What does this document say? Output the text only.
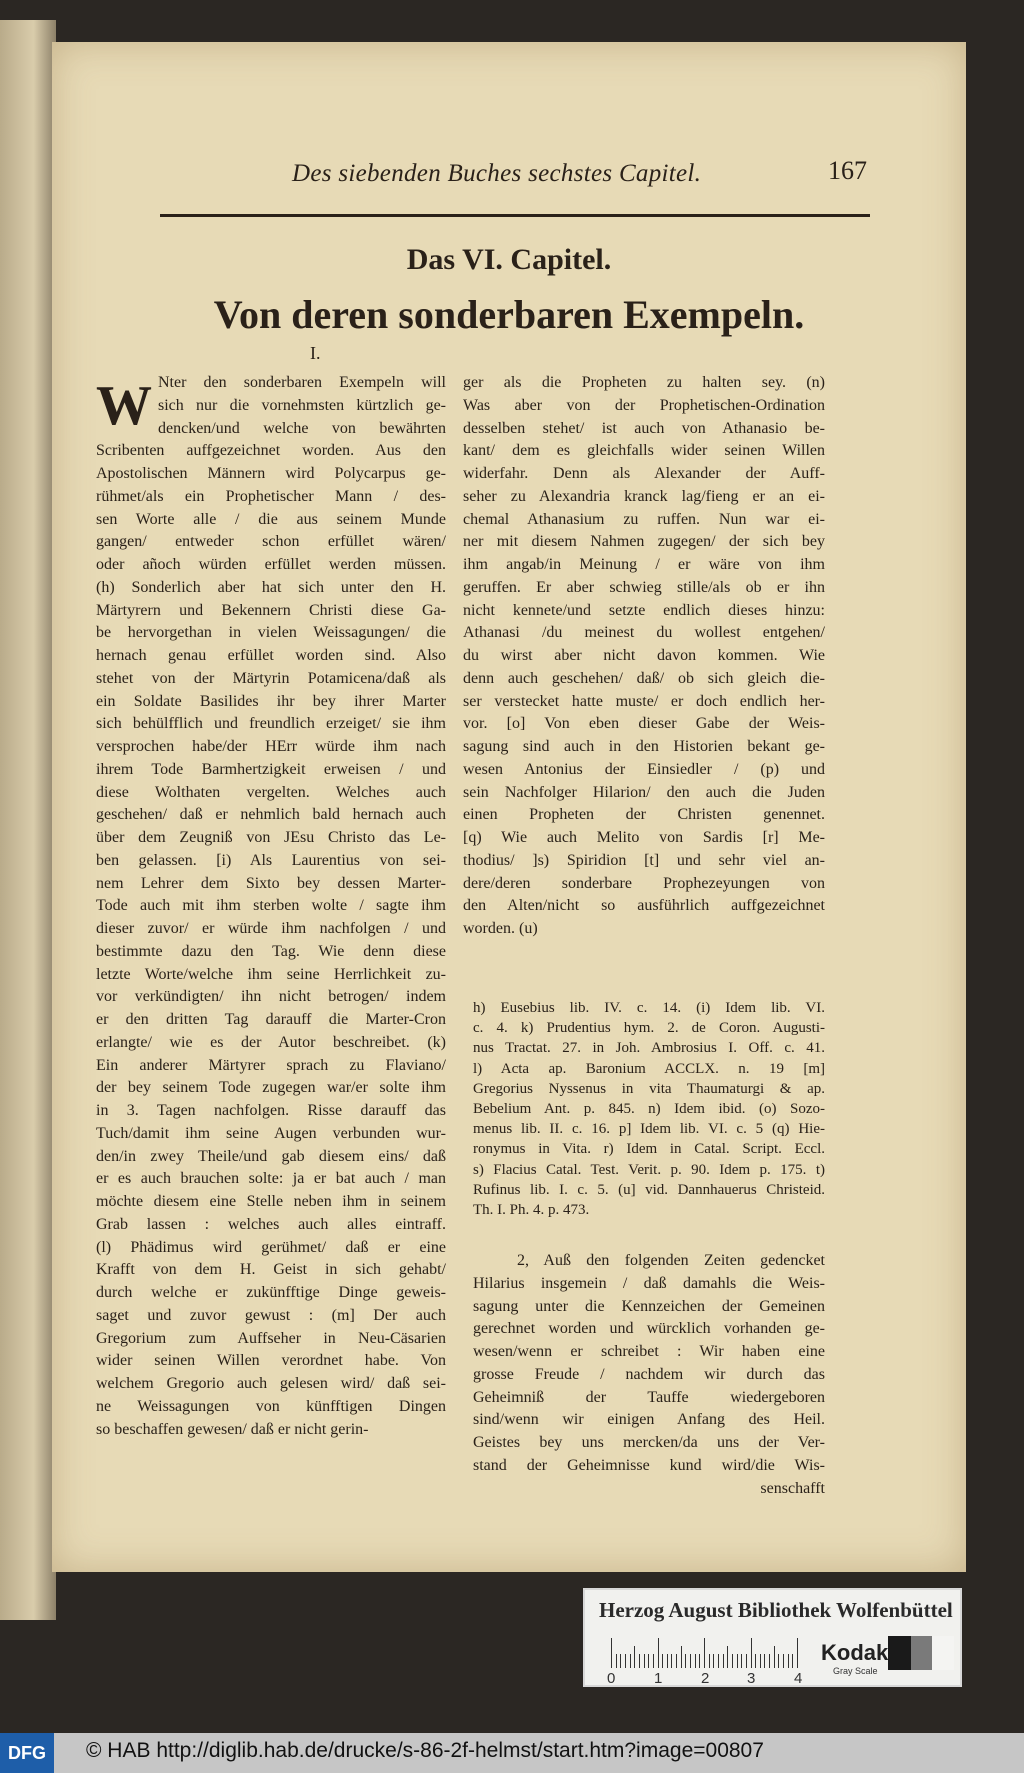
Des siebenden Buches sechstes Capitel.	167
Das VI. Capitel.
Von deren sonderbaren Exempeln.
I.
W Nter den sonderbaren Exempeln will
sich nur die vornehmsten kürtzlich ge-
dencken/und welche von bewährten
Scribenten auffgezeichnet worden. Aus den
Apostolischen Männern wird Polycarpus ge-
rühmet/als ein Prophetischer Mann / des-
sen Worte alle / die aus seinem Munde
gangen/ entweder schon erfüllet wären/
oder añoch würden erfüllet werden müssen.
(h) Sonderlich aber hat sich unter den H.
Märtyrern und Bekennern Christi diese Ga-
be hervorgethan in vielen Weissagungen/ die
hernach genau erfüllet worden sind. Also
stehet von der Märtyrin Potamicena/daß als
ein Soldate Basilides ihr bey ihrer Marter
sich behülfflich und freundlich erzeiget/ sie ihm
versprochen habe/der HErr würde ihm nach
ihrem Tode Barmhertzigkeit erweisen / und
diese Wolthaten vergelten. Welches auch
geschehen/ daß er nehmlich bald hernach auch
über dem Zeugniß von JEsu Christo das Le-
ben gelassen. [i) Als Laurentius von sei-
nem Lehrer dem Sixto bey dessen Marter-
Tode auch mit ihm sterben wolte / sagte ihm
dieser zuvor/ er würde ihm nachfolgen / und
bestimmte dazu den Tag. Wie denn diese
letzte Worte/welche ihm seine Herrlichkeit zu-
vor verkündigten/ ihn nicht betrogen/ indem
er den dritten Tag darauff die Marter-Cron
erlangte/ wie es der Autor beschreibet. (k)
Ein anderer Märtyrer sprach zu Flaviano/
der bey seinem Tode zugegen war/er solte ihm
in 3. Tagen nachfolgen. Risse darauff das
Tuch/damit ihm seine Augen verbunden wur-
den/in zwey Theile/und gab diesem eins/ daß
er es auch brauchen solte: ja er bat auch / man
möchte diesem eine Stelle neben ihm in seinem
Grab lassen : welches auch alles eintraff.
(l) Phädimus wird gerühmet/ daß er eine
Krafft von dem H. Geist in sich gehabt/
durch welche er zukünfftige Dinge geweis-
saget und zuvor gewust : (m] Der auch
Gregorium zum Auffseher in Neu-Cäsarien
wider seinen Willen verordnet habe. Von
welchem Gregorio auch gelesen wird/ daß sei-
ne Weissagungen von künfftigen Dingen
so beschaffen gewesen/ daß er nicht gerin-
ger als die Propheten zu halten sey. (n)
Was aber von der Prophetischen-Ordination
desselben stehet/ ist auch von Athanasio be-
kant/ dem es gleichfalls wider seinen Willen
widerfahr. Denn als Alexander der Auff-
seher zu Alexandria kranck lag/fieng er an ei-
chemal Athanasium zu ruffen. Nun war ei-
ner mit diesem Nahmen zugegen/ der sich bey
ihm angab/in Meinung / er wäre von ihm
geruffen. Er aber schwieg stille/als ob er ihn
nicht kennete/und setzte endlich dieses hinzu:
Athanasi /du meinest du wollest entgehen/
du wirst aber nicht davon kommen. Wie
denn auch geschehen/ daß/ ob sich gleich die-
ser verstecket hatte muste/ er doch endlich her-
vor. [o] Von eben dieser Gabe der Weis-
sagung sind auch in den Historien bekant ge-
wesen Antonius der Einsiedler / (p) und
sein Nachfolger Hilarion/ den auch die Juden
einen Propheten der Christen genennet.
[q) Wie auch Melito von Sardis [r] Me-
thodius/ ]s) Spiridion [t] und sehr viel an-
dere/deren sonderbare Prophezeyungen von
den Alten/nicht so ausführlich auffgezeichnet
worden. (u)
h) Eusebius lib. IV. c. 14. (i) Idem lib. VI.
c. 4. k) Prudentius hym. 2. de Coron. Augusti-
nus Tractat. 27. in Joh. Ambrosius I. Off. c. 41.
l) Acta ap. Baronium ACCLX. n. 19 [m]
Gregorius Nyssenus in vita Thaumaturgi & ap.
Bebelium Ant. p. 845. n) Idem ibid. (o) Sozo-
menus lib. II. c. 16. p] Idem lib. VI. c. 5 (q) Hie-
ronymus in Vita. r) Idem in Catal. Script. Eccl.
s) Flacius Catal. Test. Verit. p. 90. Idem p. 175. t)
Rufinus lib. I. c. 5. (u] vid. Dannhauerus Christeid.
Th. I. Ph. 4. p. 473.
2, Auß den folgenden Zeiten gedencket
Hilarius insgemein / daß damahls die Weis-
sagung unter die Kennzeichen der Gemeinen
gerechnet worden und würcklich vorhanden ge-
wesen/wenn er schreibet : Wir haben eine
grosse Freude / nachdem wir durch das
Geheimniß der Tauffe wiedergeboren
sind/wenn wir einigen Anfang des Heil.
Geistes bey uns mercken/da uns der Ver-
stand der Geheimnisse kund wird/die Wis-
senschafft
Herzog August Bibliothek Wolfenbüttel
0	1	2	3	4
Kodak
Gray Scale
DFG	© HAB http://diglib.hab.de/drucke/s-86-2f-helmst/start.htm?image=00807
